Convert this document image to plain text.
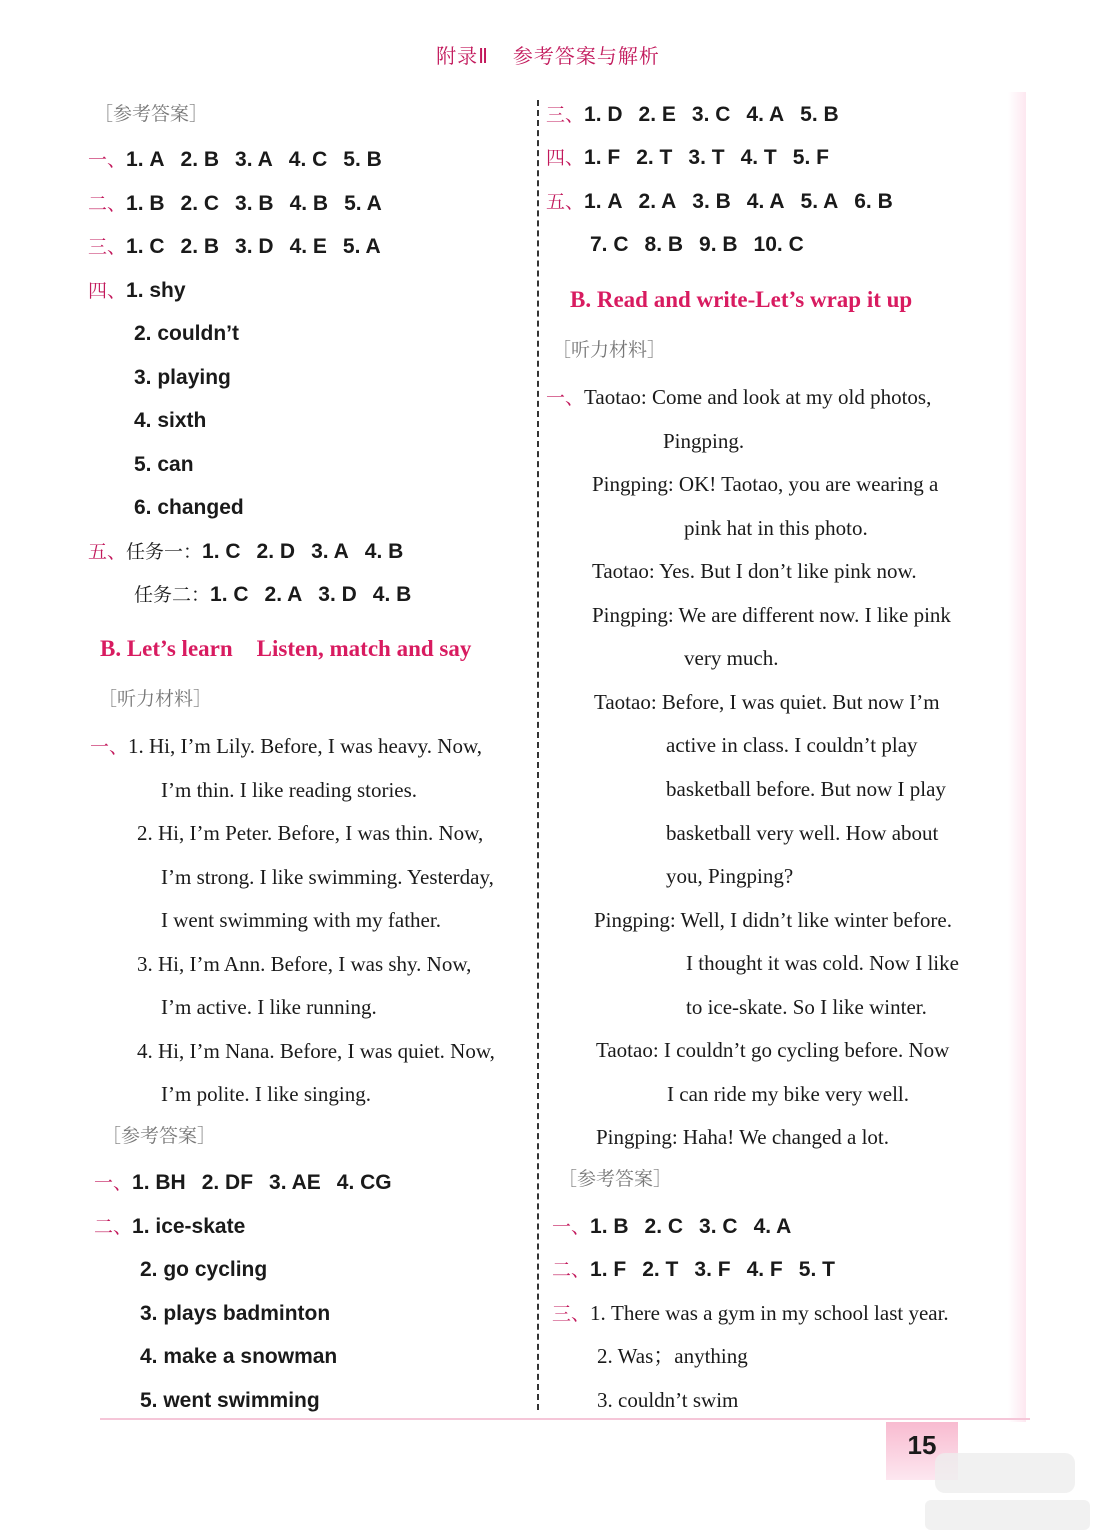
附录Ⅱ 参考答案与解析
［参考答案］
一、1. A 2. B 3. A 4. C 5. B
二、1. B 2. C 3. B 4. B 5. A
三、1. C 2. B 3. D 4. E 5. A
四、1. shy
2. couldn’t
3. playing
4. sixth
5. can
6. changed
五、任务一：1. C 2. D 3. A 4. B
任务二：1. C 2. A 3. D 4. B
B. Let’s learn Listen, match and say
［听力材料］
一、1. Hi, I’m Lily. Before, I was heavy. Now,
I’m thin. I like reading stories.
2. Hi, I’m Peter. Before, I was thin. Now,
I’m strong. I like swimming. Yesterday,
I went swimming with my father.
3. Hi, I’m Ann. Before, I was shy. Now,
I’m active. I like running.
4. Hi, I’m Nana. Before, I was quiet. Now,
I’m polite. I like singing.
［参考答案］
一、1. BH 2. DF 3. AE 4. CG
二、1. ice-skate
2. go cycling
3. plays badminton
4. make a snowman
5. went swimming
三、1. D 2. E 3. C 4. A 5. B
四、1. F 2. T 3. T 4. T 5. F
五、1. A 2. A 3. B 4. A 5. A 6. B
7. C 8. B 9. B 10. C
B. Read and write-Let’s wrap it up
［听力材料］
一、Taotao: Come and look at my old photos,
Pingping.
Pingping: OK! Taotao, you are wearing a
pink hat in this photo.
Taotao: Yes. But I don’t like pink now.
Pingping: We are different now. I like pink
very much.
Taotao: Before, I was quiet. But now I’m
active in class. I couldn’t play
basketball before. But now I play
basketball very well. How about
you, Pingping?
Pingping: Well, I didn’t like winter before.
I thought it was cold. Now I like
to ice-skate. So I like winter.
Taotao: I couldn’t go cycling before. Now
I can ride my bike very well.
Pingping: Haha! We changed a lot.
［参考答案］
一、1. B 2. C 3. C 4. A
二、1. F 2. T 3. F 4. F 5. T
三、1. There was a gym in my school last year.
2. Was；anything
3. couldn’t swim
15
